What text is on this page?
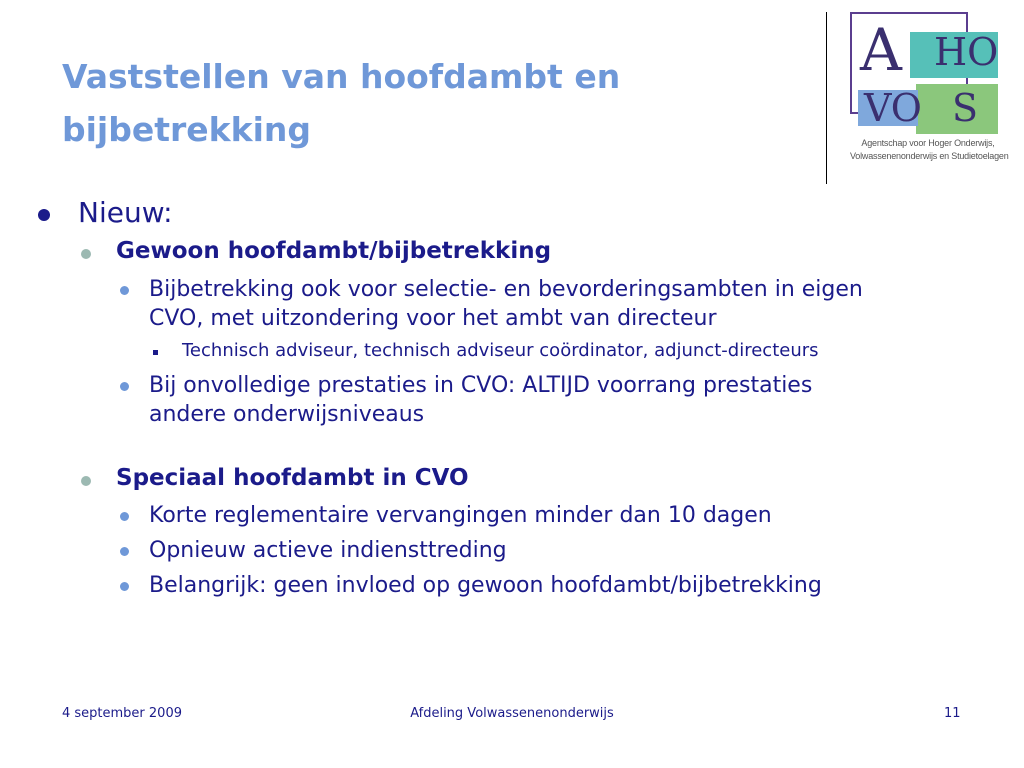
Vaststellen van hoofdambt en
bijbetrekking
A HO
VO S
Agentschap voor Hoger Onderwijs,
Volwassenenonderwijs en Studietoelagen
Nieuw:
Gewoon hoofdambt/bijbetrekking
Bijbetrekking ook voor selectie- en bevorderingsambten in eigen
CVO, met uitzondering voor het ambt van directeur
Technisch adviseur, technisch adviseur coördinator, adjunct-directeurs
Bij onvolledige prestaties in CVO: ALTIJD voorrang prestaties
andere onderwijsniveaus
Speciaal hoofdambt in CVO
Korte reglementaire vervangingen minder dan 10 dagen
Opnieuw actieve indiensttreding
Belangrijk: geen invloed op gewoon hoofdambt/bijbetrekking
4 september 2009	Afdeling Volwassenenonderwijs	11
